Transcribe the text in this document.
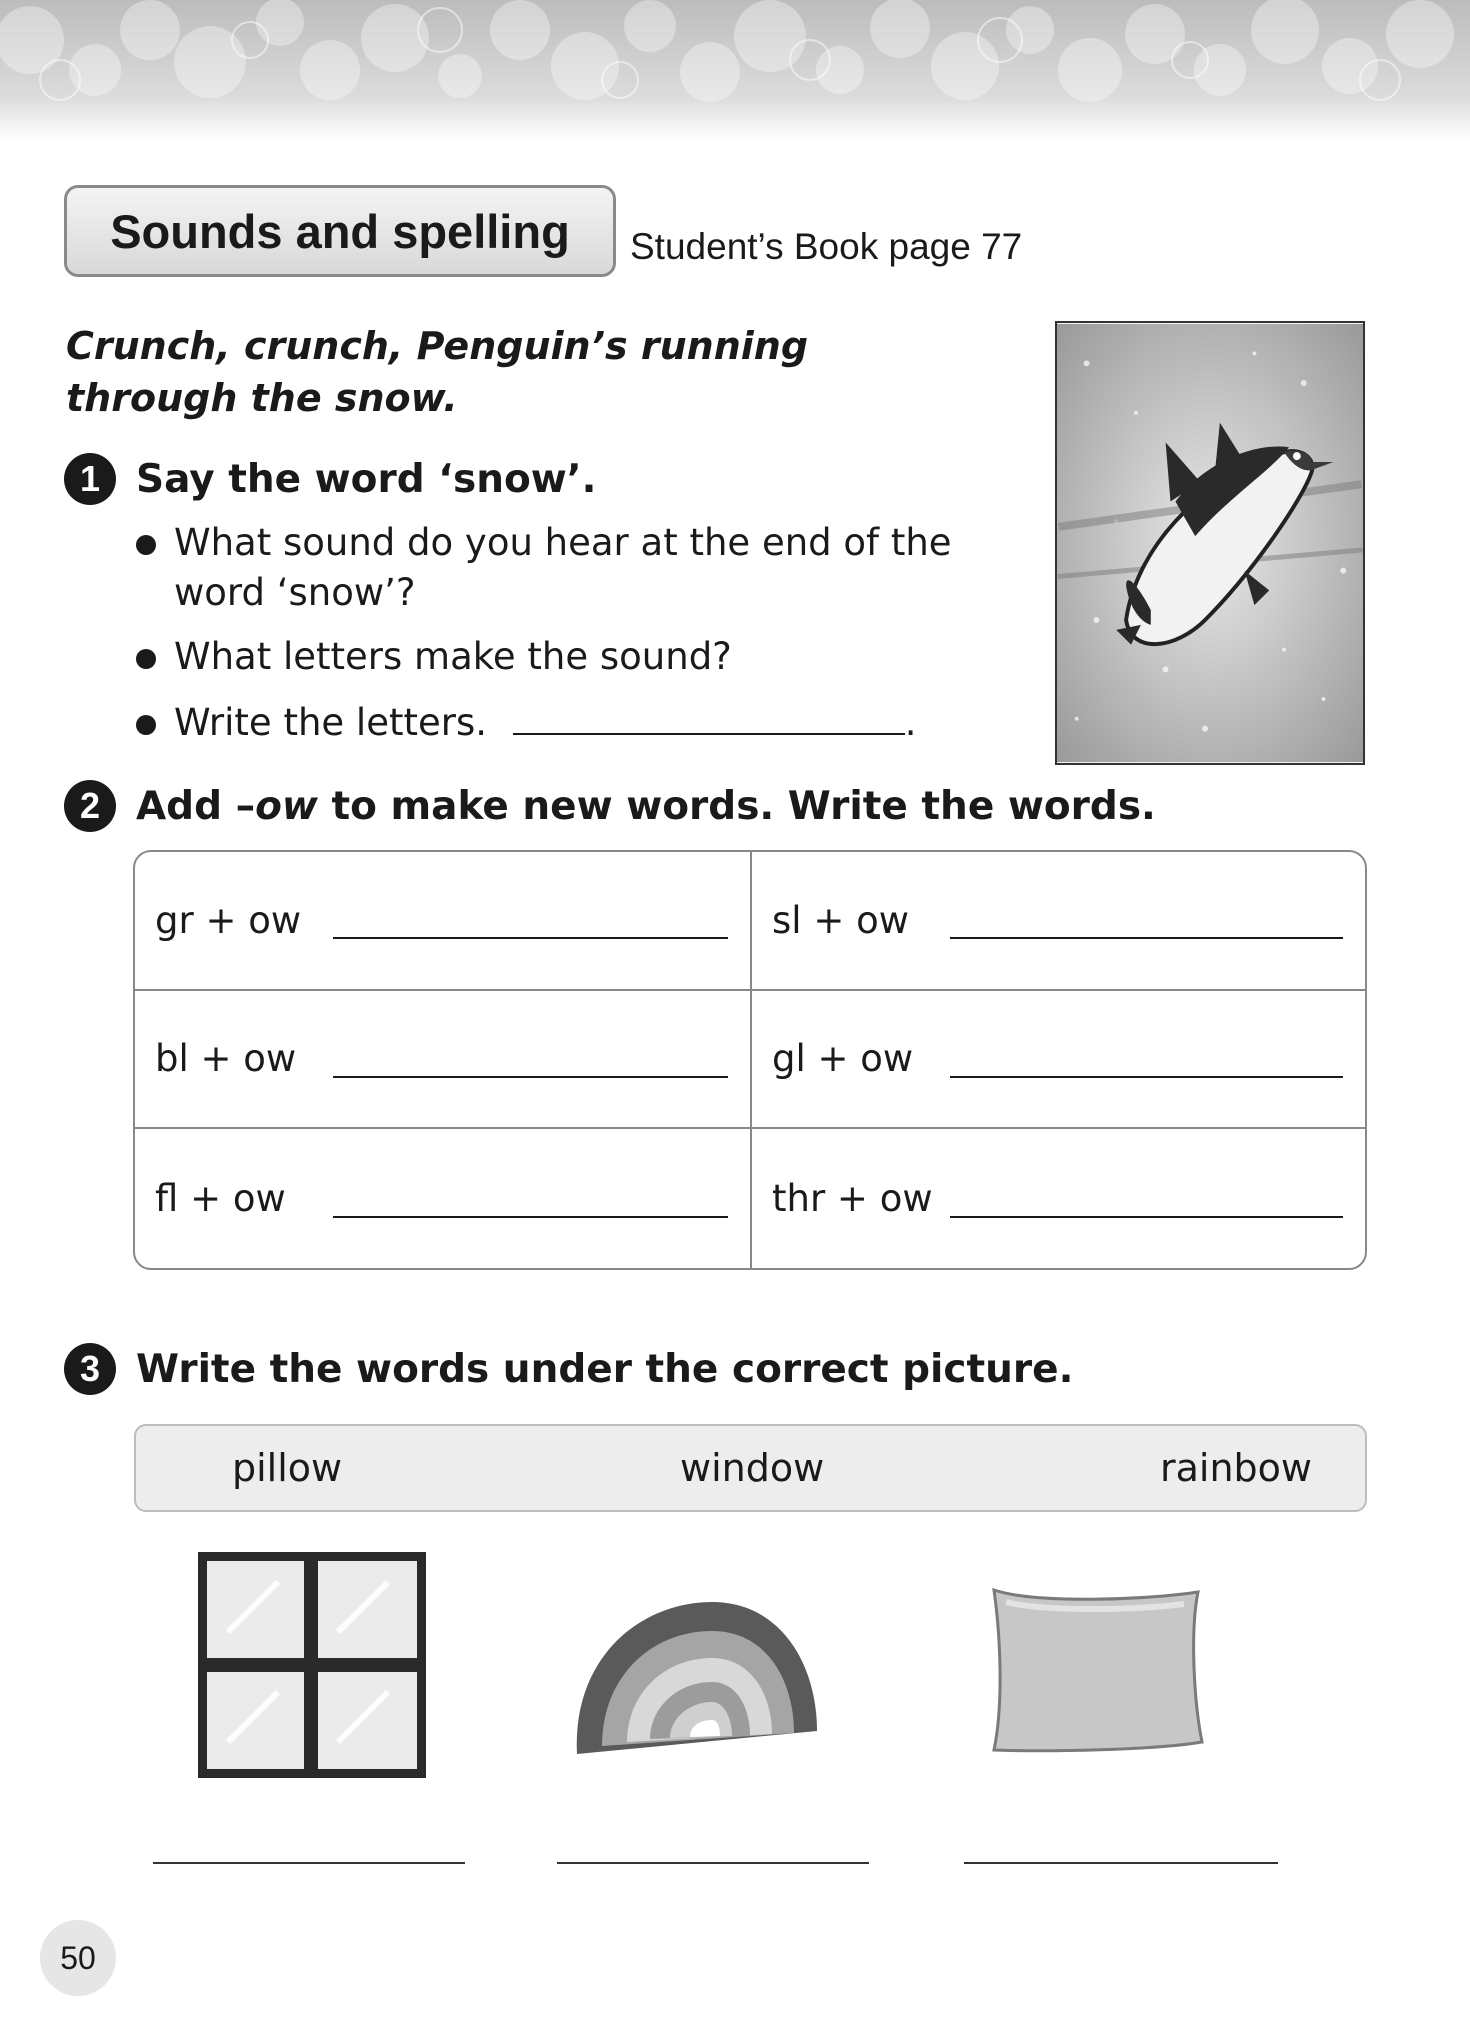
Sounds and spelling Student’s Book page 77
Crunch, crunch, Penguin’s running
through the snow.
1 Say the word ‘snow’.
What sound do you hear at the end of the
word ‘snow’?
What letters make the sound?
Write the letters.	.
2 Add –ow to make new words. Write the words.
gr + ow	sl + ow
bl + ow	gl + ow
fl + ow	thr + ow
3 Write the words under the correct picture.
pillow	window	rainbow
50
